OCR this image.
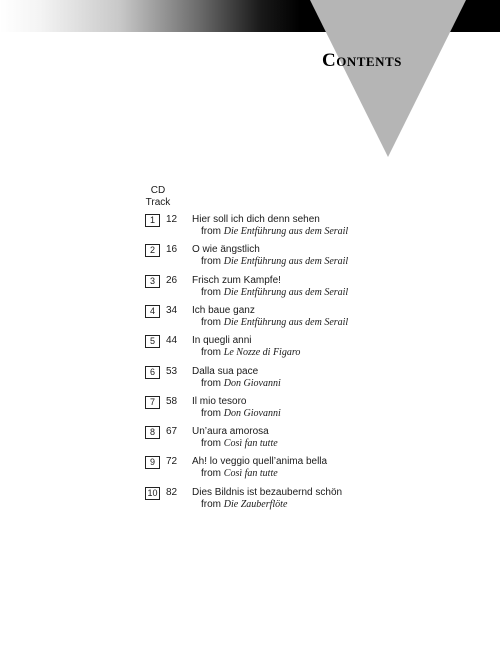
Contents
CD
Track
1	12	Hier soll ich dich denn sehen
from Die Entführung aus dem Serail
2	16	O wie ängstlich
from Die Entführung aus dem Serail
3	26	Frisch zum Kampfe!
from Die Entführung aus dem Serail
4	34	Ich baue ganz
from Die Entführung aus dem Serail
5	44	In quegli anni
from Le Nozze di Figaro
6	53	Dalla sua pace
from Don Giovanni
7	58	Il mio tesoro
from Don Giovanni
8	67	Un’aura amorosa
from Così fan tutte
9	72	Ah! lo veggio quell’anima bella
from Così fan tutte
10 82	Dies Bildnis ist bezaubernd schön
from Die Zauberflöte
